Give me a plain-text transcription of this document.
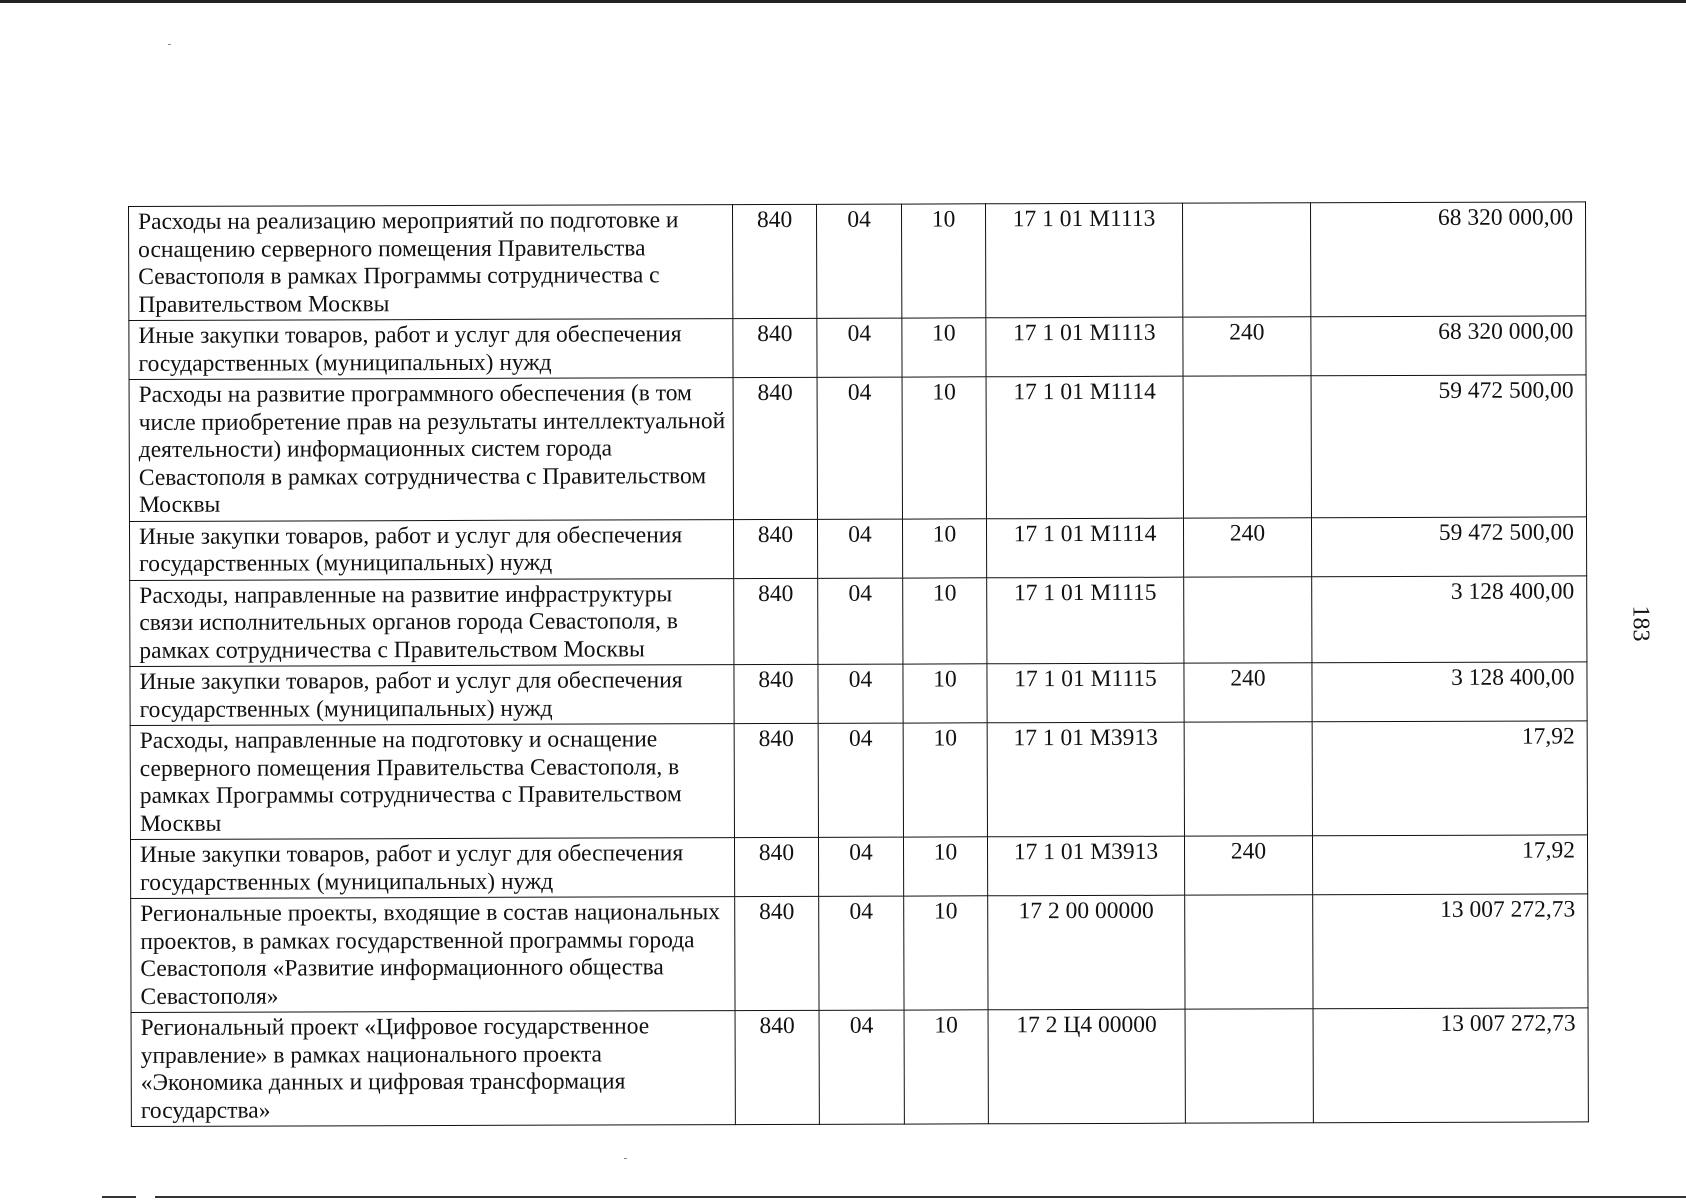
Расходы на реализацию мероприятий по подготовке и оснащению серверного помещения Правительства Севастополя в рамках Программы сотрудничества с Правительством Москвы	840	04	10	17 1 01 M1113		68 320 000,00
Иные закупки товаров, работ и услуг для обеспечения государственных (муниципальных) нужд	840	04	10	17 1 01 M1113	240	68 320 000,00
Расходы на развитие программного обеспечения (в том числе приобретение прав на результаты интеллектуальной деятельности) информационных систем города Севастополя в рамках сотрудничества с Правительством Москвы	840	04	10	17 1 01 M1114		59 472 500,00
Иные закупки товаров, работ и услуг для обеспечения государственных (муниципальных) нужд	840	04	10	17 1 01 M1114	240	59 472 500,00
Расходы, направленные на развитие инфраструктуры связи исполнительных органов города Севастополя, в рамках сотрудничества с Правительством Москвы	840	04	10	17 1 01 M1115		3 128 400,00
Иные закупки товаров, работ и услуг для обеспечения государственных (муниципальных) нужд	840	04	10	17 1 01 M1115	240	3 128 400,00
Расходы, направленные на подготовку и оснащение серверного помещения Правительства Севастополя, в рамках Программы сотрудничества с Правительством Москвы	840	04	10	17 1 01 M3913		17,92
Иные закупки товаров, работ и услуг для обеспечения государственных (муниципальных) нужд	840	04	10	17 1 01 M3913	240	17,92
Региональные проекты, входящие в состав национальных проектов, в рамках государственной программы города Севастополя «Развитие информационного общества Севастополя»	840	04	10	17 2 00 00000		13 007 272,73
Региональный проект «Цифровое государственное управление» в рамках национального проекта «Экономика данных и цифровая трансформация государства»	840	04	10	17 2 Ц4 00000		13 007 272,73
183
